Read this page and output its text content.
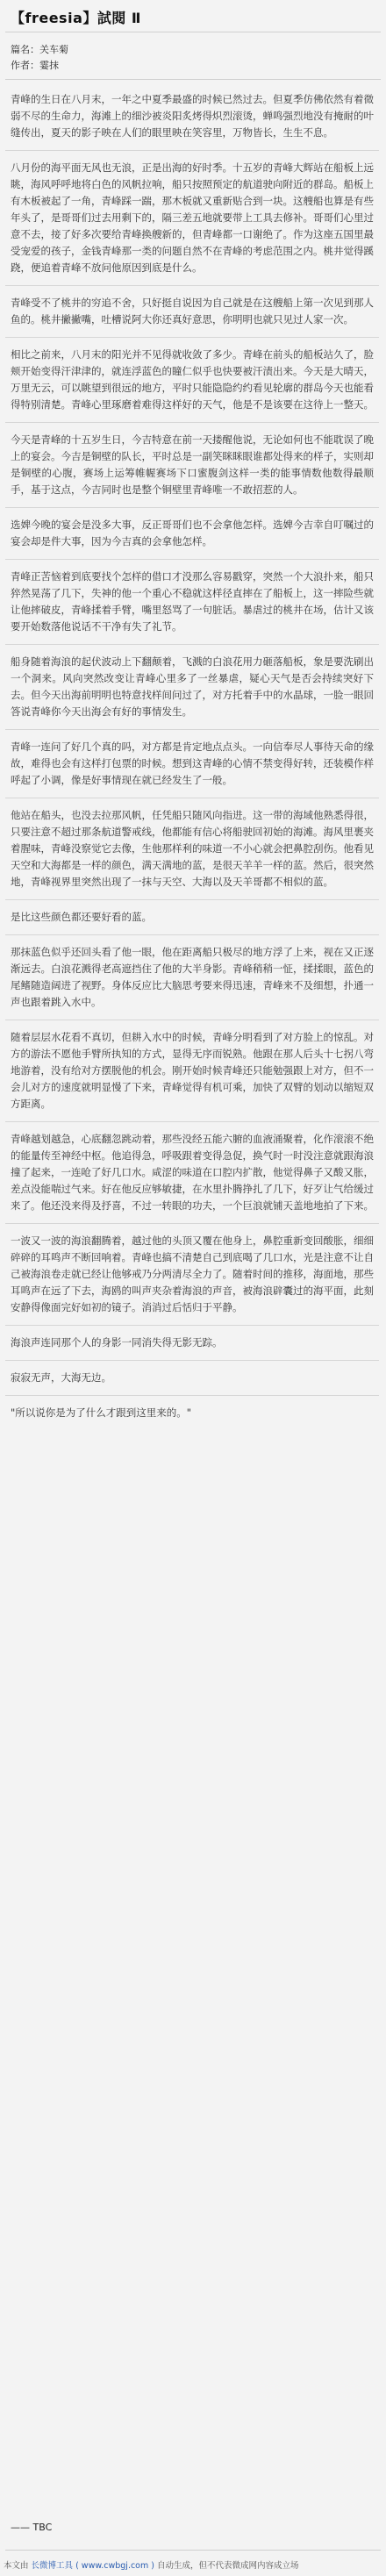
【freesia】試閱 Ⅱ
篇名：关车菊
作者：霎抹

青峰的生日在八月末，一年之中夏季最盛的时候已然过去。但夏季仿佛依然有着微弱不尽的生命力，海滩上的细沙被炎阳炙烤得炽烈滚烫，蝉鸣强烈地没有掩耐的叶缝传出，夏天的影子映在人们的眼里映在笑容里，万物皆长，生生不息。

八月份的海平面无风也无浪，正是出海的好时季。十五岁的青峰大辉站在船板上远眺，海风呼呼地将白色的风帆拉响，船只按照预定的航道驶向附近的群岛。船板上有木板被起了一角，青峰踩一踹，那木板就又重新贴合到一块。这艘船也算是有些年头了，是哥哥们过去用剩下的，隔三差五地就要带上工具去修补。哥哥们心里过意不去，接了好多次要给青峰换艘新的，但青峰都一口谢绝了。作为这座五国里最受宠爱的孩子，金钱青峰那一类的问题自然不在青峰的考虑范围之内。桃井觉得蹊跷，便追着青峰不放问他原因到底是什么。

青峰受不了桃井的穷追不舍，只好挺自说因为自己就是在这艘船上第一次见到那人鱼的。桃井撇撇嘴，吐槽说阿大你还真好意思，你明明也就只见过人家一次。

相比之前来，八月末的阳光并不见得就收敛了多少。青峰在前头的船板站久了，脸颊开始变得汗津津的，就连浮蓝色的瞳仁似乎也快要被汗渍出来。今天是大晴天，万里无云，可以眺望到很远的地方，平时只能隐隐约约看见轮廓的群岛今天也能看得特别清楚。青峰心里琢磨着难得这样好的天气，他是不是该要在这待上一整天。

今天是青峰的十五岁生日，今吉特意在前一天搂醒他说，无论如何也不能耽误了晚上的宴会。今吉是铜壁的队长，平时总是一副笑眯眯眼谁都处得来的样子，实则却是铜壁的心腹，赛场上运筹帷幄赛场下口蜜腹剑这样一类的能事情数他数得最顺手，基于这点，今吉同时也是整个铜壁里青峰唯一不敢招惹的人。

选婢今晚的宴会是没多大事，反正哥哥们也不会拿他怎样。选婢今吉幸自叮嘱过的宴会却是件大事，因为今吉真的会拿他怎样。

青峰正苦恼着到底要找个怎样的借口才没那么容易戳穿，突然一个大浪扑来，船只猝然晃荡了几下，失神的他一个重心不稳就这样径直摔在了船板上，这一摔险些就让他摔破皮，青峰揉着手臂，嘴里怒骂了一句脏话。暴虐过的桃井在场，估计又该要开始数落他说话不干净有失了礼节。

船身随着海浪的起伏波动上下翻颠着，飞溅的白浪花用力砸落船板，象是要洗刷出一个洞来。风向突然改变让青峰心里多了一丝暴虐，疑心天气是否会持续突好下去。但今天出海前明明也特意找样间问过了，对方托着手中的水晶球，一脸一眼回答说青峰你今天出海会有好的事情发生。

青峰一连问了好几个真的吗，对方都是肯定地点点头。一向信奉尽人事待天命的缘故，难得也会有这样打包票的时候。想到这青峰的心情不禁变得好转，还装模作样呼起了小调，像是好事情现在就已经发生了一般。

他站在船头，也没去拉那风帆，任凭船只随风向指进。这一带的海域他熟悉得很，只要注意不超过那条航道警戒线，他都能有信心将船驶回初始的海滩。海风里裹夹着腥味，青峰没察觉它去像，生他那样利的味道一不小心就会把鼻腔刮伤。他看见天空和大海都是一样的颜色，满天满地的蓝，是很天羊羊一样的蓝。然后，很突然地，青峰视界里突然出现了一抹与天空、大海以及天羊哥都不相似的蓝。

是比这些颜色都还要好看的蓝。

那抹蓝色似乎还回头看了他一眼，他在距离船只极尽的地方浮了上来，视在又正逐渐远去。白浪花溅得老高遮挡住了他的大半身影。青峰稍稍一怔，揉揉眼，蓝色的尾鳍随造阔进了视野。身体反应比大脑思考要来得迅速，青峰来不及细想，扑通一声也跟着跳入水中。

随着层层水花看不真切，但耕入水中的时候，青峰分明看到了对方脸上的惊乱。对方的游法不愿他手臂所执知的方式，显得无序而锐熟。他跟在那人后头十七拐八弯地游着，没有给对方摆脱他的机会。刚开始时候青峰还只能勉强跟上对方，但不一会儿对方的速度就明显慢了下来，青峰觉得有机可乘，加快了双臂的划动以缩短双方距离。

青峰越划越急，心底翻忽跳动着，那些没经五能六腑的血液涌聚着，化作滚滚不绝的能量传至神经中枢。他追得急，呼吸跟着变得急促，换气时一时没注意就跟海浪撞了起来，一连呛了好几口水。咸涩的味道在口腔内扩散，他觉得鼻子又酸又胀，差点没能喘过气来。好在他反应够敏捷，在水里扑腾挣扎了几下，好歹让气给缓过来了。他还没来得及抒喜，不过一转眼的功夫，一个巨浪就铺天盖地地拍了下来。

一波又一波的海浪翻腾着，越过他的头顶又覆在他身上，鼻腔重新变回酸胀，细细碎碎的耳鸣声不断回响着。青峰也搞不清楚自己到底喝了几口水，光是注意不让自己被海浪卷走就已经让他够戒乃分两清尽全力了。随着时间的推移，海面地，那些耳鸣声在远了下去，海鸥的叫声夹杂着海浪的声音，被海浪辟囊过的海平面，此刻安静得像面完好如初的镜子。消消过后恬归于平静。

海浪声连同那个人的身影一同消失得无影无踪。

寂寂无声，大海无边。

"所以说你是为了什么才跟到这里来的。"

—— TBC
本文由 长微博工具 ( www.cwbgj.com ) 自动生成，但不代表微成网内容成立场
